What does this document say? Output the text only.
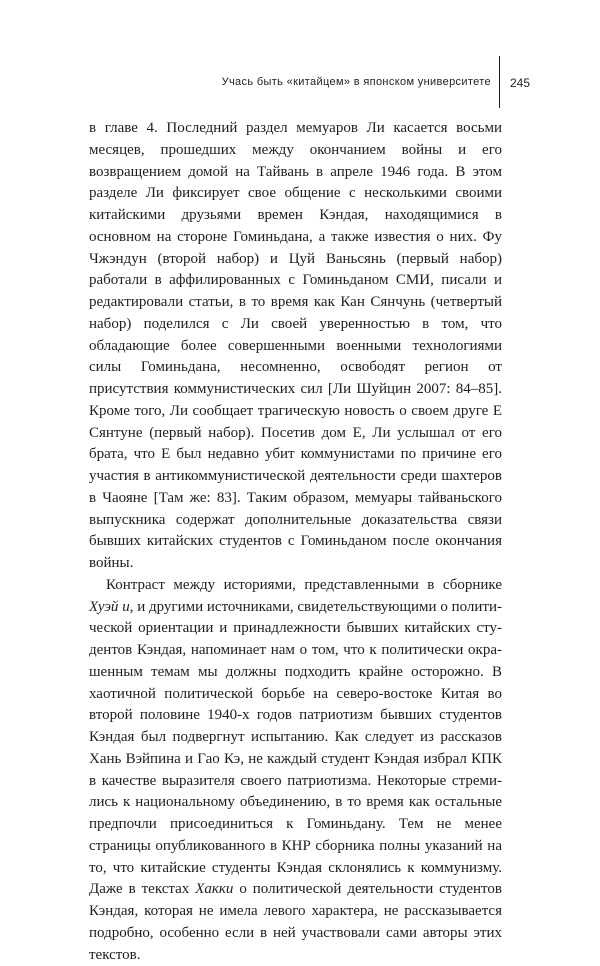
Учась быть «китайцем» в японском университете 245

в главе 4. Последний раздел мемуаров Ли касается восьми месяцев, прошедших между окончанием войны и его возвращением домой на Тайвань в апреле 1946 года. В этом разделе Ли фиксирует свое общение с несколькими своими китайскими друзьями времен Кэндая, находящимися в основном на стороне Гоминьдана, а также известия о них. Фу Чжэндун (второй набор) и Цуй Ваньсянь (первый набор) работали в аффилированных с Гоминьданом СМИ, писали и редактировали статьи, в то время как Кан Сянчунь (четвертый набор) поделился с Ли своей уверенностью в том, что обладающие более совершенными военными технологиями силы Гоминьдана, несомненно, освободят регион от присутствия коммунистических сил [Ли Шуйцин 2007: 84–85]. Кроме того, Ли сообщает трагическую новость о своем друге Е Сянтуне (первый набор). Посетив дом Е, Ли услышал от его брата, что Е был недавно убит коммунистами по причине его участия в антикоммунистической деятельности среди шахтеров в Чаояне [Там же: 83]. Таким образом, мемуары тайваньского выпускника содержат дополнительные доказательства связи бывших китайских студентов с Гоминьданом после окончания войны.

Контраст между историями, представленными в сборнике Хуэй и, и другими источниками, свидетельствующими о политической ориентации и принадлежности бывших китайских студентов Кэндая, напоминает нам о том, что к политически окрашенным темам мы должны подходить крайне осторожно. В хаотичной политической борьбе на северо-востоке Китая во второй половине 1940-х годов патриотизм бывших студентов Кэндая был подвергнут испытанию. Как следует из рассказов Хань Вэйпина и Гао Кэ, не каждый студент Кэндая избрал КПК в качестве выразителя своего патриотизма. Некоторые стремились к национальному объединению, в то время как остальные предпочли присоединиться к Гоминьдану. Тем не менее страницы опубликованного в КНР сборника полны указаний на то, что китайские студенты Кэндая склонялись к коммунизму. Даже в текстах Хакки о политической деятельности студентов Кэндая, которая не имела левого характера, не рассказывается подробно, особенно если в ней участвовали сами авторы этих текстов.
